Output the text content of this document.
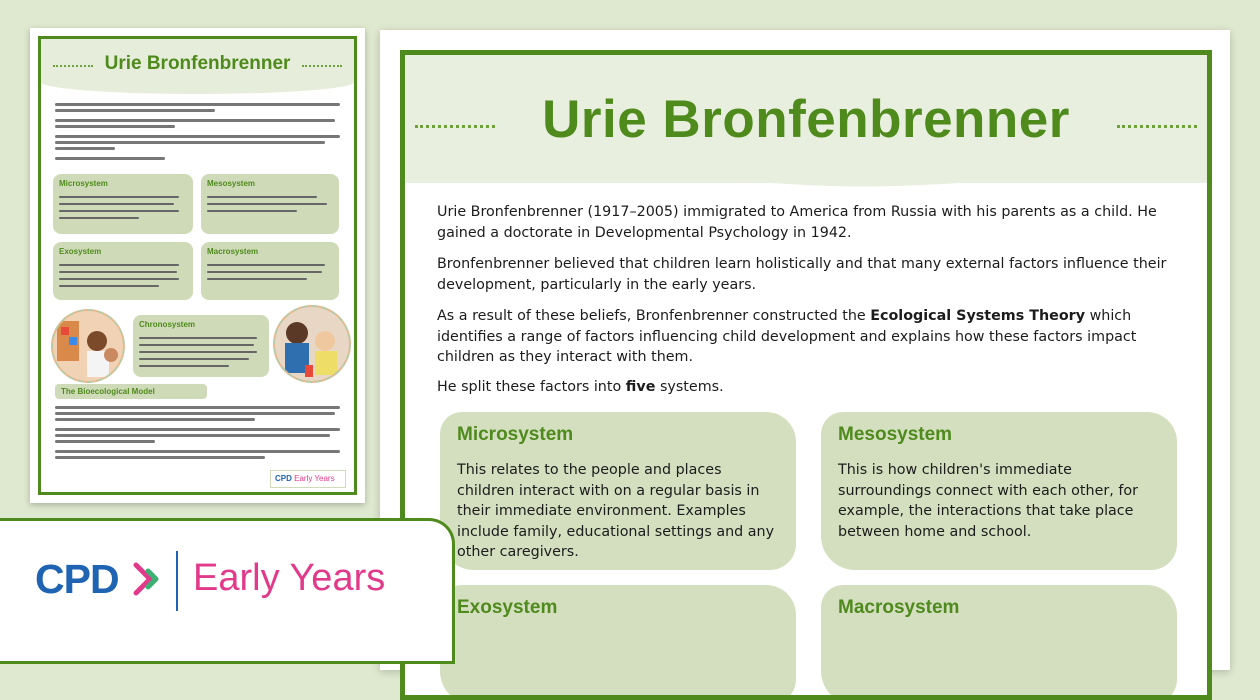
Urie Bronfenbrenner
Microsystem	Mesosystem
Exosystem	Macrosystem
Chronosystem
The Bioecological Model
CPD Early Years
Urie Bronfenbrenner

Urie Bronfenbrenner (1917–2005) immigrated to America from Russia with his parents as a child. He gained a doctorate in Developmental Psychology in 1942.

Bronfenbrenner believed that children learn holistically and that many external factors influence their development, particularly in the early years.

As a result of these beliefs, Bronfenbrenner constructed the Ecological Systems Theory which identifies a range of factors influencing child development and explains how these factors impact children as they interact with them.

He split these factors into five systems.

Microsystem

This relates to the people and places children interact with on a regular basis in their immediate environment. Examples include family, educational settings and any other caregivers.

Mesosystem

This is how children's immediate surroundings connect with each other, for example, the interactions that take place between home and school.

Exosystem	Macrosystem
CPD Early Years
